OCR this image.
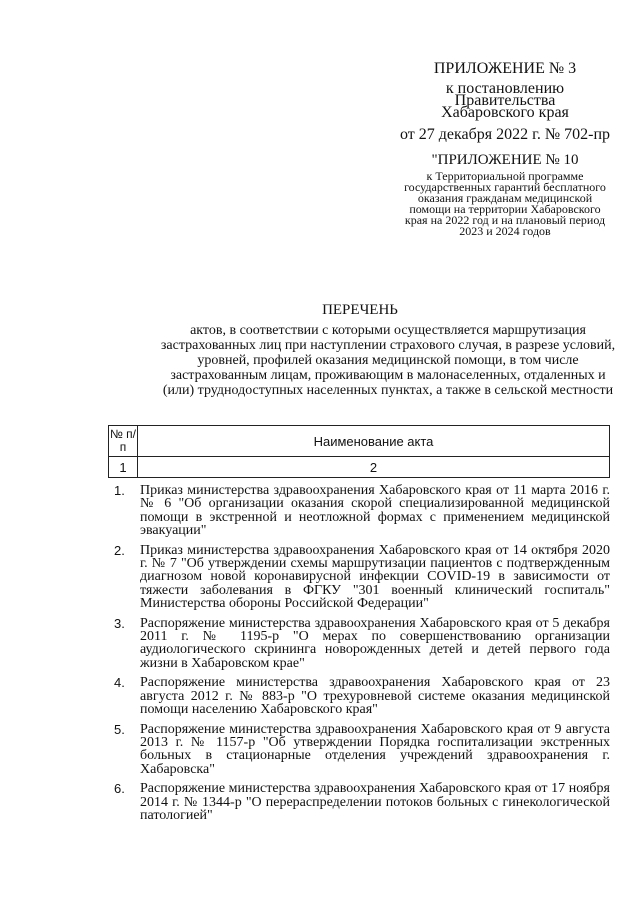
ПРИЛОЖЕНИЕ № 3
к постановлению
Правительства
Хабаровского края
от 27 декабря 2022 г. № 702-пр
"ПРИЛОЖЕНИЕ № 10
к Территориальной программе
государственных гарантий бесплатного
оказания гражданам медицинской
помощи на территории Хабаровского
края на 2022 год и на плановый период
2023 и 2024 годов
ПЕРЕЧЕНЬ
актов, в соответствии с которыми осуществляется маршрутизация
застрахованных лиц при наступлении страхового случая, в разрезе условий,
уровней, профилей оказания медицинской помощи, в том числе
застрахованным лицам, проживающим в малонаселенных, отдаленных и
(или) труднодоступных населенных пунктах, а также в сельской местности
№ п/п	Наименование акта
1	2
1. Приказ министерства здравоохранения Хабаровского края от 11 марта 2016 г. № 6 "Об организации оказания скорой специализированной медицинской помощи в экстренной и неотложной формах с применением медицинской эвакуации"
2. Приказ министерства здравоохранения Хабаровского края от 14 октября 2020 г. № 7 "Об утверждении схемы маршрутизации пациентов с подтвержденным диагнозом новой коронавирусной инфекции COVID-19 в зависимости от тяжести заболевания в ФГКУ "301 военный клинический госпиталь" Министерства обороны Российской Федерации"
3. Распоряжение министерства здравоохранения Хабаровского края от 5 декабря 2011 г. № 1195-р "О мерах по совершенствованию организации аудиологического скрининга новорожденных детей и детей первого года жизни в Хабаровском крае"
4. Распоряжение министерства здравоохранения Хабаровского края от 23 августа 2012 г. № 883-р "О трехуровневой системе оказания медицинской помощи населению Хабаровского края"
5. Распоряжение министерства здравоохранения Хабаровского края от 9 августа 2013 г. № 1157-р "Об утверждении Порядка госпитализации экстренных больных в стационарные отделения учреждений здравоохранения г. Хабаровска"
6. Распоряжение министерства здравоохранения Хабаровского края от 17 ноября 2014 г. № 1344-р "О перераспределении потоков больных с гинекологической патологией"
